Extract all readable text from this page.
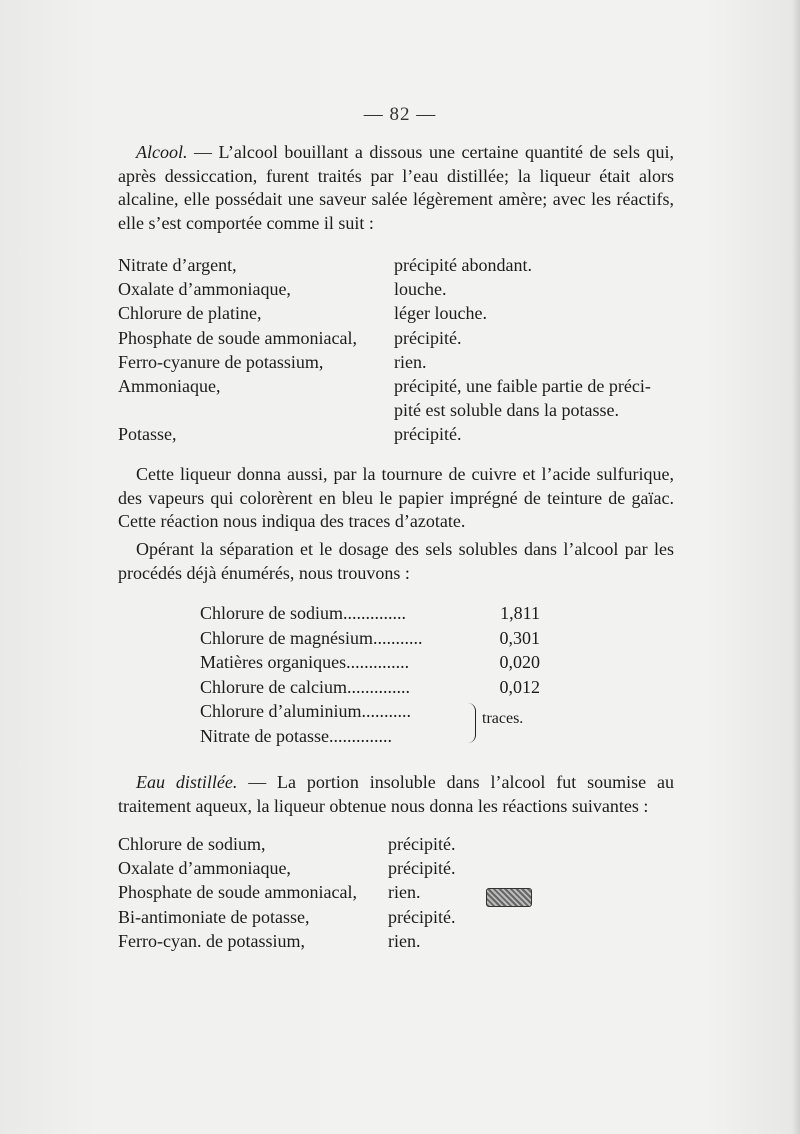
— 82 —
Alcool. — L’alcool bouillant a dissous une certaine quantité de sels qui, après dessiccation, furent traités par l’eau distillée; la liqueur était alors alcaline, elle possédait une saveur salée légèrement amère; avec les réactifs, elle s’est comportée comme il suit :
Nitrate d’argent,	précipité abondant.
Oxalate d’ammoniaque,	louche.
Chlorure de platine,	léger louche.
Phosphate de soude ammoniacal, précipité.
Ferro-cyanure de potassium,	rien.
Ammoniaque,	précipité, une faible partie de préci-
pité est soluble dans la potasse.
Potasse,	précipité.
Cette liqueur donna aussi, par la tournure de cuivre et l’acide sulfurique, des vapeurs qui colorèrent en bleu le papier imprégné de teinture de gaïac. Cette réaction nous indiqua des traces d’azotate.
Opérant la séparation et le dosage des sels solubles dans l’alcool par les procédés déjà énumérés, nous trouvons :
Chlorure de sodium..............	1,811
Chlorure de magnésium...........	0,301
Matières organiques..............	0,020
Chlorure de calcium..............	0,012
Chlorure d’aluminium...........
Nitrate de potasse..............
traces.
Eau distillée. — La portion insoluble dans l’alcool fut soumise au traitement aqueux, la liqueur obtenue nous donna les réactions suivantes :
Chlorure de sodium,	précipité.
Oxalate d’ammoniaque,	précipité.
Phosphate de soude ammoniacal, rien.
Bi-antimoniate de potasse,	précipité.
Ferro-cyan. de potassium,	rien.
